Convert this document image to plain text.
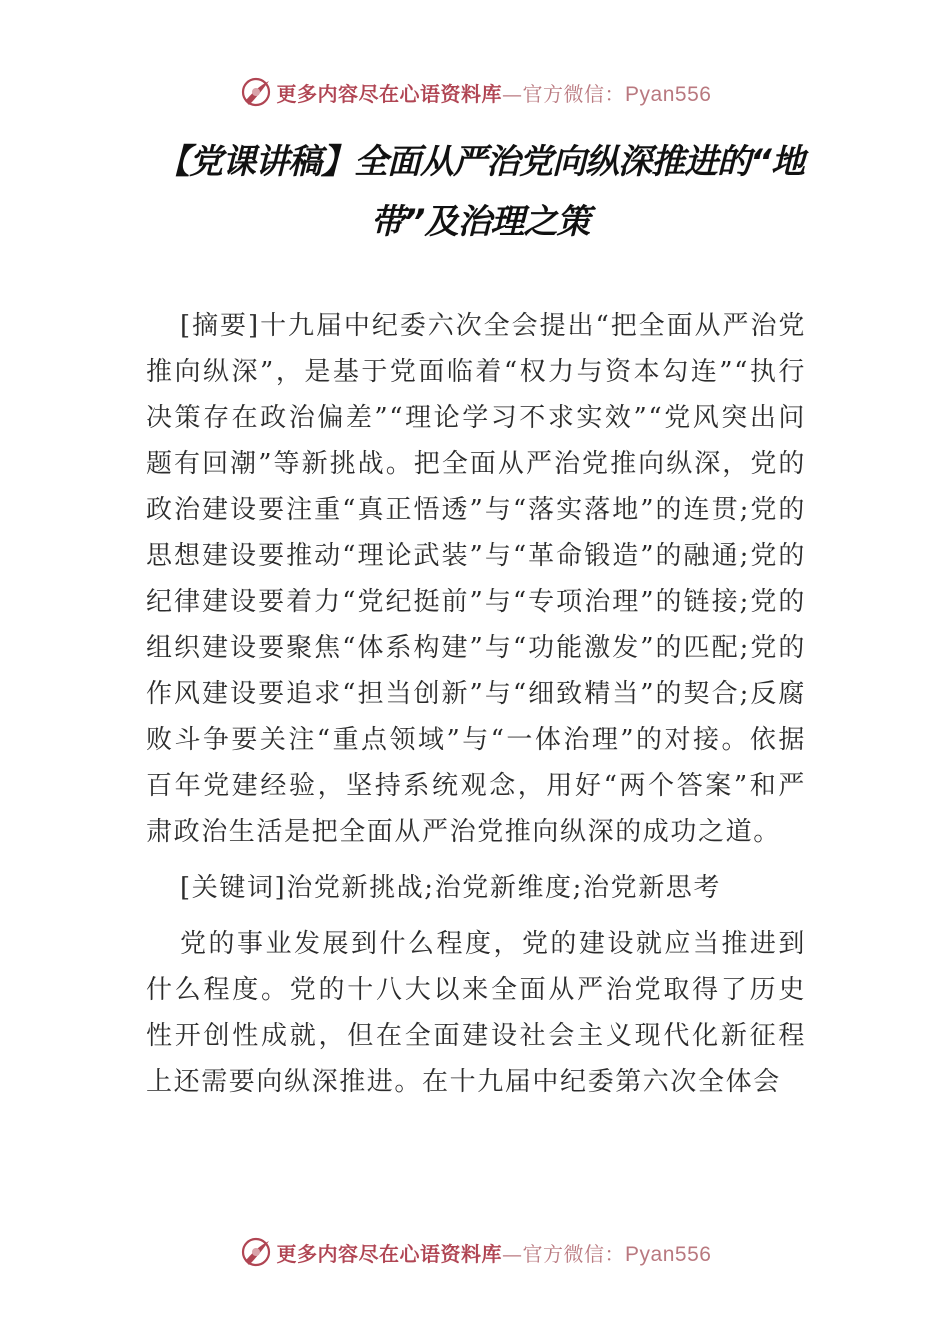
更多内容尽在心语资料库—官方微信：Pyan556
【党课讲稿】全面从严治党向纵深推进的“地带”及治理之策

[摘要]十九届中纪委六次全会提出“把全面从严治党推向纵深”，是基于党面临着“权力与资本勾连”“执行决策存在政治偏差”“理论学习不求实效”“党风突出问题有回潮”等新挑战。把全面从严治党推向纵深，党的政治建设要注重“真正悟透”与“落实落地”的连贯;党的思想建设要推动“理论武装”与“革命锻造”的融通;党的纪律建设要着力“党纪挺前”与“专项治理”的链接;党的组织建设要聚焦“体系构建”与“功能激发”的匹配;党的作风建设要追求“担当创新”与“细致精当”的契合;反腐败斗争要关注“重点领域”与“一体治理”的对接。依据百年党建经验，坚持系统观念，用好“两个答案”和严肃政治生活是把全面从严治党推向纵深的成功之道。

[关键词]治党新挑战;治党新维度;治党新思考

党的事业发展到什么程度，党的建设就应当推进到什么程度。党的十八大以来全面从严治党取得了历史性开创性成就，但在全面建设社会主义现代化新征程上还需要向纵深推进。在十九届中纪委第六次全体会

更多内容尽在心语资料库—官方微信：Pyan556
